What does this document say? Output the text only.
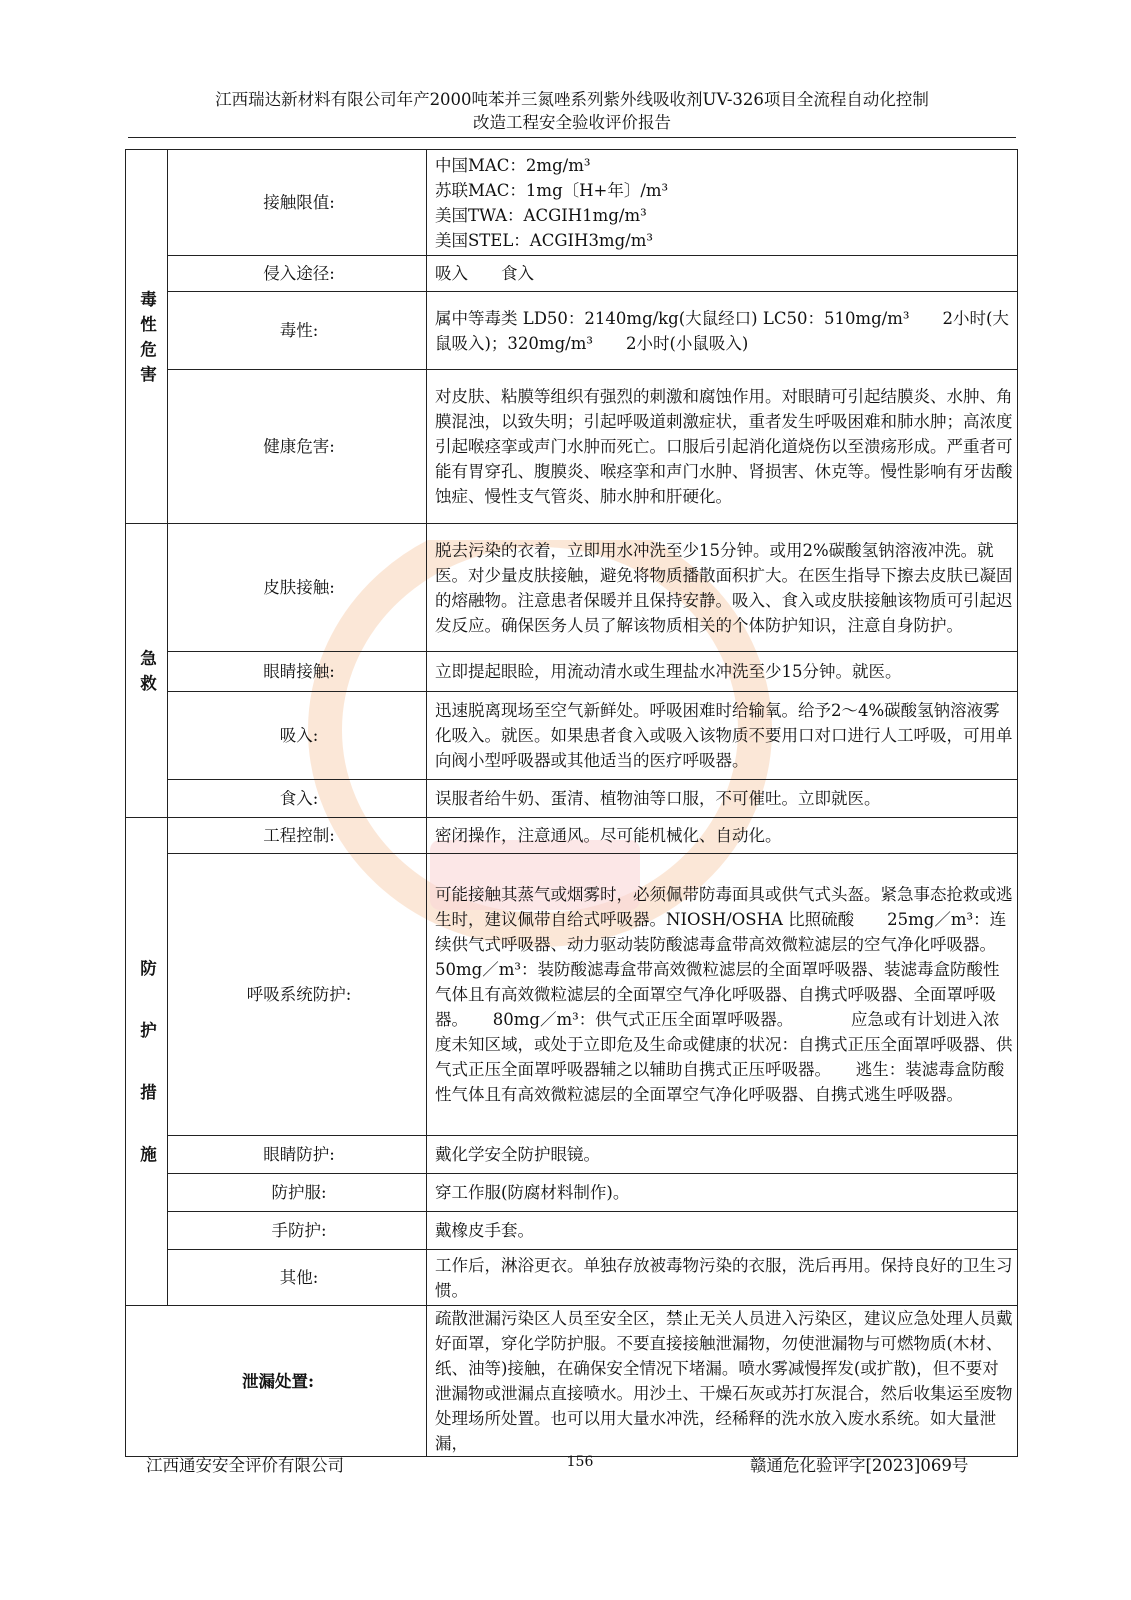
江西瑞达新材料有限公司年产2000吨苯并三氮唑系列紫外线吸收剂UV-326项目全流程自动化控制
改造工程安全验收评价报告
毒
性
危
害	接触限值:	中国MAC：2mg/m³
苏联MAC：1mg〔H+年〕/m³
美国TWA：ACGIH1mg/m³
美国STEL：ACGIH3mg/m³

	侵入途径:	吸入　　食入
	毒性:	属中等毒类 LD50：2140mg/kg(大鼠经口) LC50：510mg/m³　　2小时(大鼠吸入)；320mg/m³　　2小时(小鼠吸入)
	健康危害:	对皮肤、粘膜等组织有强烈的刺激和腐蚀作用。对眼睛可引起结膜炎、水肿、角膜混浊，以致失明；引起呼吸道刺激症状，重者发生呼吸困难和肺水肿；高浓度引起喉痉挛或声门水肿而死亡。口服后引起消化道烧伤以至溃疡形成。严重者可能有胃穿孔、腹膜炎、喉痉挛和声门水肿、肾损害、休克等。慢性影响有牙齿酸蚀症、慢性支气管炎、肺水肿和肝硬化。

急
救	皮肤接触:	脱去污染的衣着，立即用水冲洗至少15分钟。或用2%碳酸氢钠溶液冲洗。就医。对少量皮肤接触，避免将物质播散面积扩大。在医生指导下擦去皮肤已凝固的熔融物。注意患者保暖并且保持安静。吸入、食入或皮肤接触该物质可引起迟发反应。确保医务人员了解该物质相关的个体防护知识，注意自身防护。
	眼睛接触:	立即提起眼睑，用流动清水或生理盐水冲洗至少15分钟。就医。
	吸入:	迅速脱离现场至空气新鲜处。呼吸困难时给输氧。给予2～4%碳酸氢钠溶液雾化吸入。就医。如果患者食入或吸入该物质不要用口对口进行人工呼吸，可用单向阀小型呼吸器或其他适当的医疗呼吸器。
	食入:	误服者给牛奶、蛋清、植物油等口服，不可催吐。立即就医。

防
护
措
施	工程控制:	密闭操作，注意通风。尽可能机械化、自动化。
	呼吸系统防护:	可能接触其蒸气或烟雾时，必须佩带防毒面具或供气式头盔。紧急事态抢救或逃生时，建议佩带自给式呼吸器。NIOSH/OSHA 比照硫酸　　25mg／m³：连续供气式呼吸器、动力驱动装防酸滤毒盒带高效微粒滤层的空气净化呼吸器。　　　　50mg／m³：装防酸滤毒盒带高效微粒滤层的全面罩呼吸器、装滤毒盒防酸性气体且有高效微粒滤层的全面罩空气净化呼吸器、自携式呼吸器、全面罩呼吸器。　　80mg／m³：供气式正压全面罩呼吸器。　　　　应急或有计划进入浓度未知区域，或处于立即危及生命或健康的状况：自携式正压全面罩呼吸器、供气式正压全面罩呼吸器辅之以辅助自携式正压呼吸器。　　逃生：装滤毒盒防酸性气体且有高效微粒滤层的全面罩空气净化呼吸器、自携式逃生呼吸器。
	眼睛防护:	戴化学安全防护眼镜。
	防护服:	穿工作服(防腐材料制作)。
	手防护:	戴橡皮手套。
	其他:	工作后，淋浴更衣。单独存放被毒物污染的衣服，洗后再用。保持良好的卫生习惯。
泄漏处置:		疏散泄漏污染区人员至安全区，禁止无关人员进入污染区，建议应急处理人员戴好面罩，穿化学防护服。不要直接接触泄漏物，勿使泄漏物与可燃物质(木材、纸、油等)接触，在确保安全情况下堵漏。喷水雾减慢挥发(或扩散)，但不要对泄漏物或泄漏点直接喷水。用沙土、干燥石灰或苏打灰混合，然后收集运至废物处理场所处置。也可以用大量水冲洗，经稀释的洗水放入废水系统。如大量泄漏，
江西通安安全评价有限公司	156	赣通危化验评字[2023]069号
